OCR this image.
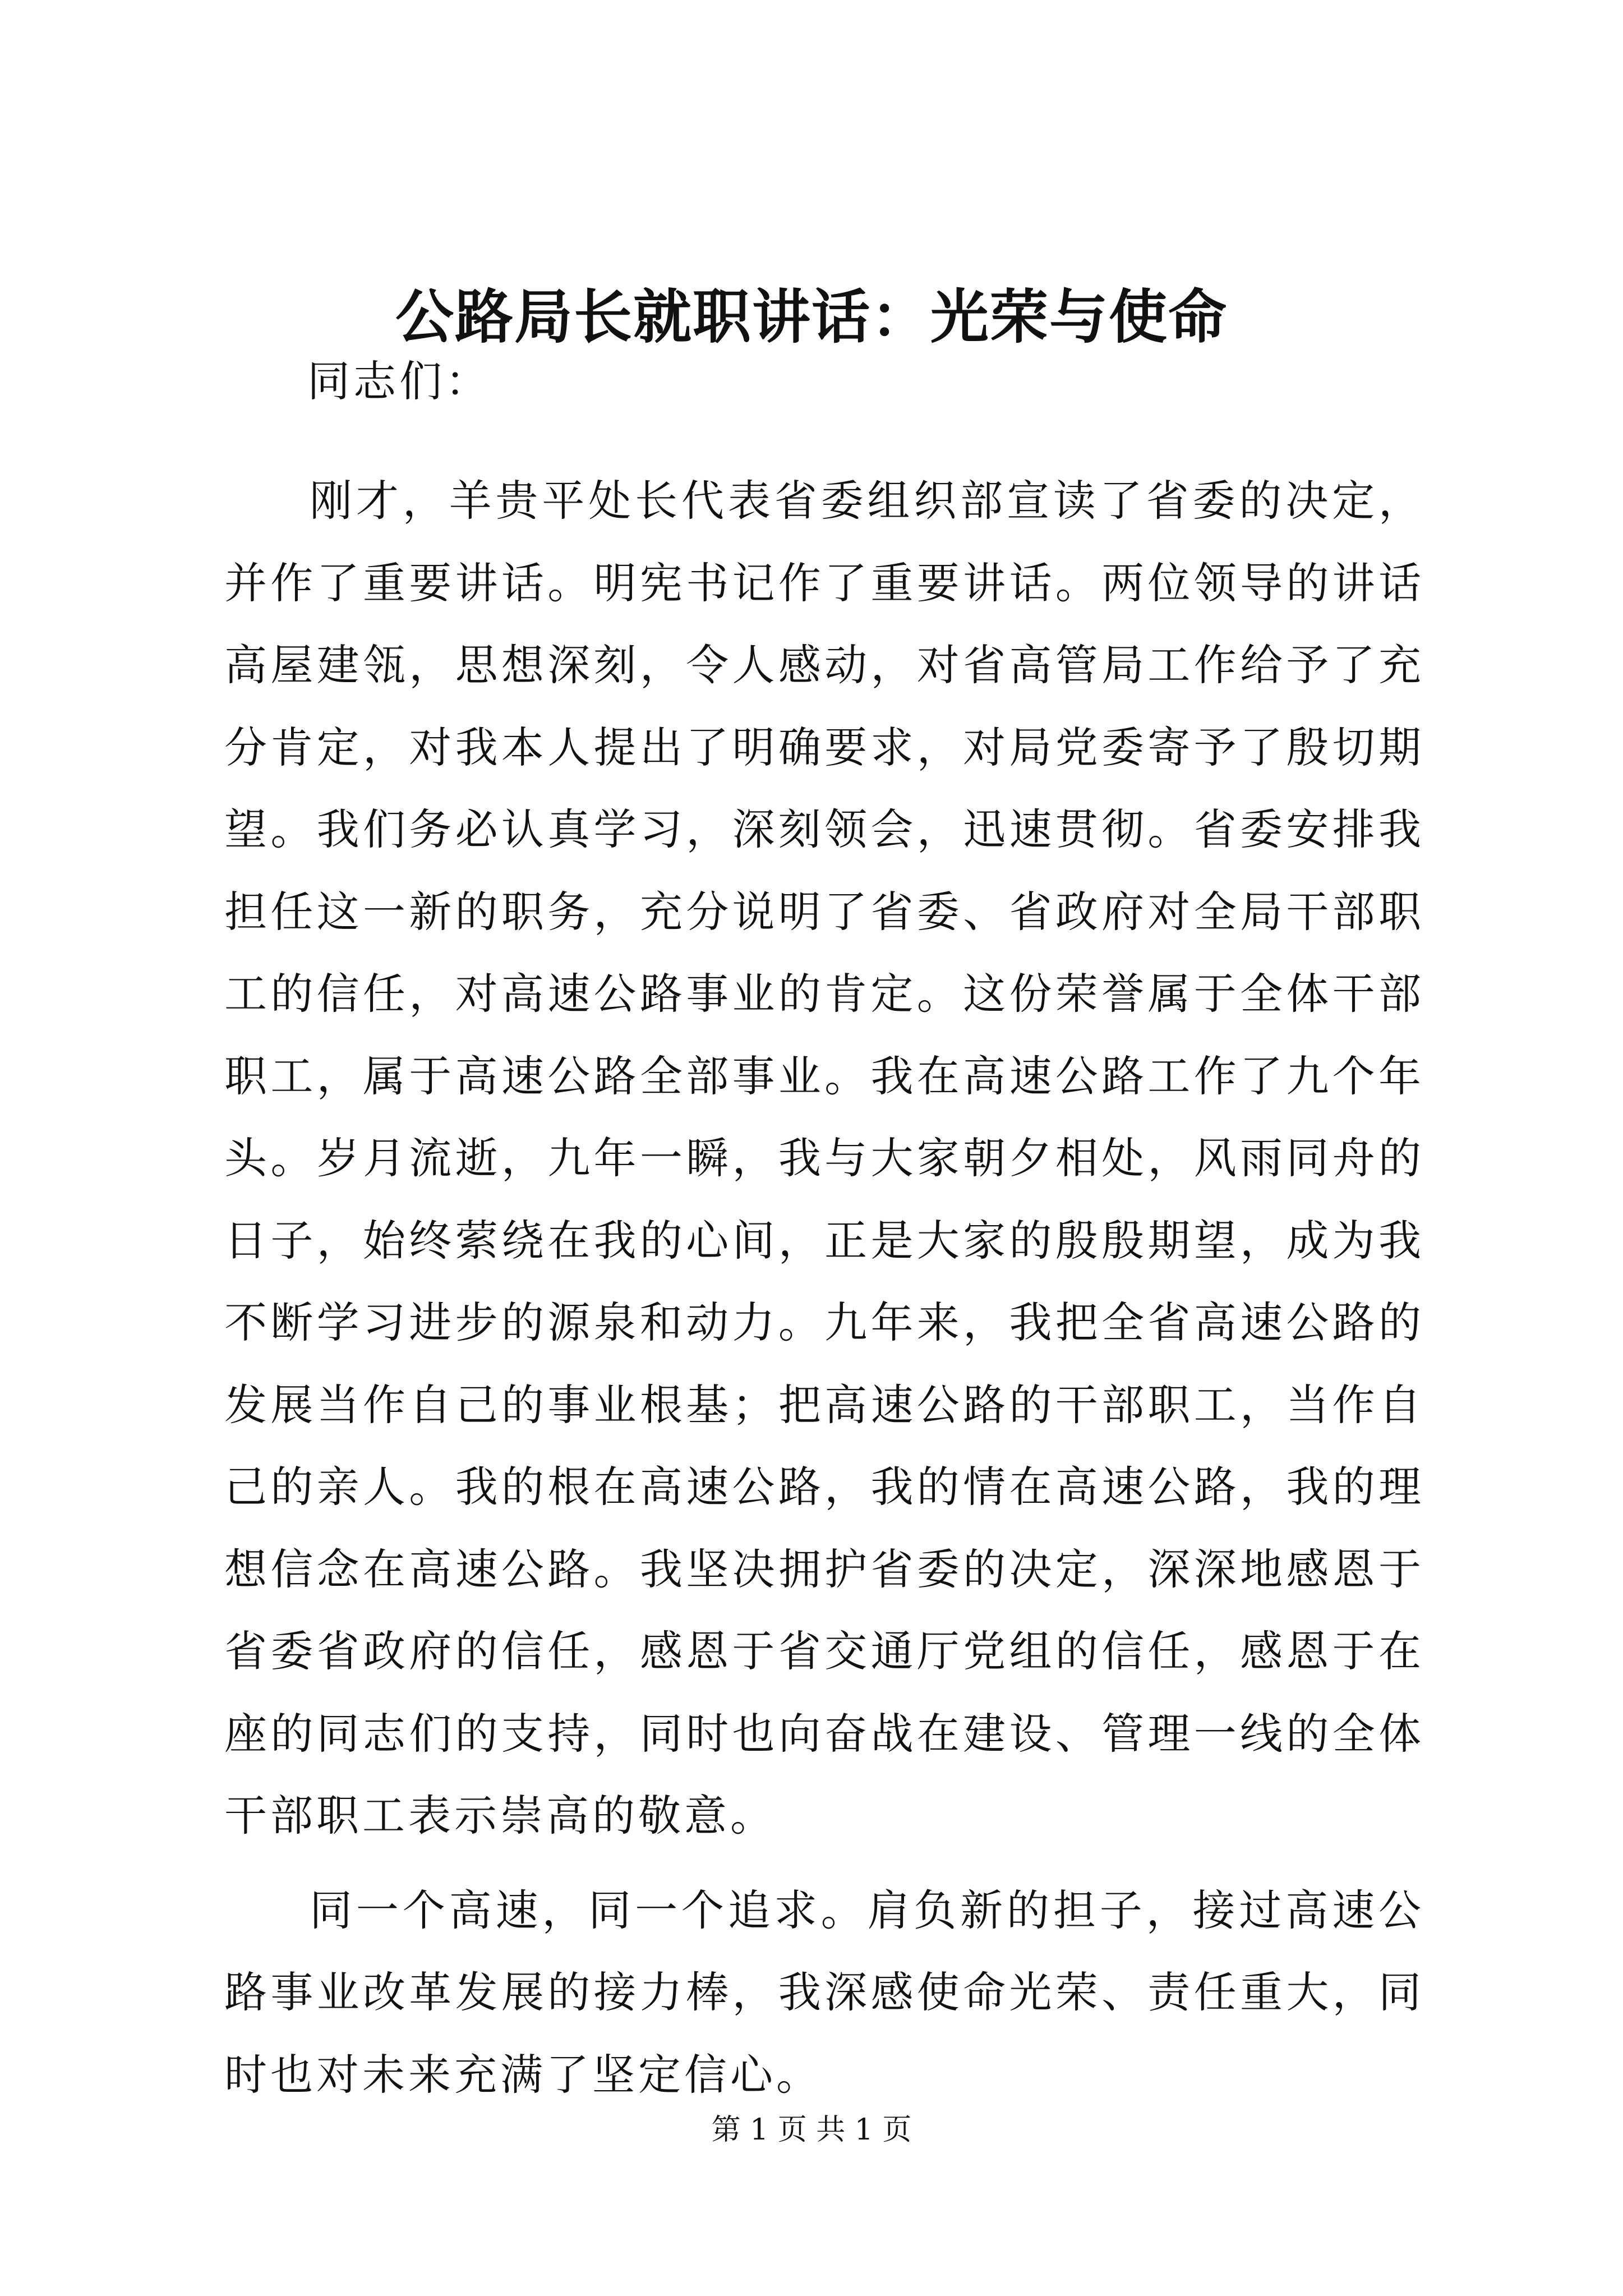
公路局长就职讲话：光荣与使命

同志们：

刚才，羊贵平处长代表省委组织部宣读了省委的决定，并作了重要讲话。明宪书记作了重要讲话。两位领导的讲话高屋建瓴，思想深刻，令人感动，对省高管局工作给予了充分肯定，对我本人提出了明确要求，对局党委寄予了殷切期望。我们务必认真学习，深刻领会，迅速贯彻。省委安排我担任这一新的职务，充分说明了省委、省政府对全局干部职工的信任，对高速公路事业的肯定。这份荣誉属于全体干部职工，属于高速公路全部事业。我在高速公路工作了九个年头。岁月流逝，九年一瞬，我与大家朝夕相处，风雨同舟的日子，始终萦绕在我的心间，正是大家的殷殷期望，成为我不断学习进步的源泉和动力。九年来，我把全省高速公路的发展当作自己的事业根基；把高速公路的干部职工，当作自己的亲人。我的根在高速公路，我的情在高速公路，我的理想信念在高速公路。我坚决拥护省委的决定，深深地感恩于省委省政府的信任，感恩于省交通厅党组的信任，感恩于在座的同志们的支持，同时也向奋战在建设、管理一线的全体干部职工表示崇高的敬意。

同一个高速，同一个追求。肩负新的担子，接过高速公路事业改革发展的接力棒，我深感使命光荣、责任重大，同时也对未来充满了坚定信心。

第 1 页 共 1 页
